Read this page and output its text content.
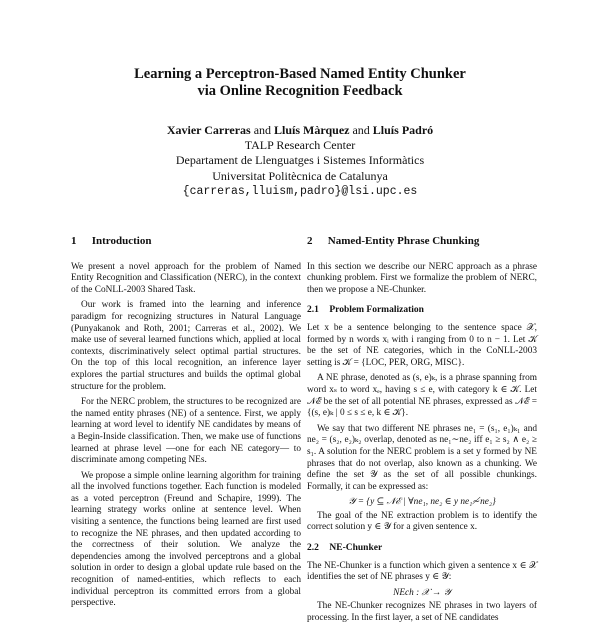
Learning a Perceptron-Based Named Entity Chunker
via Online Recognition Feedback
Xavier Carreras and Lluís Màrquez and Lluís Padró
TALP Research Center
Departament de Llenguatges i Sistemes Informàtics
Universitat Politècnica de Catalunya
{carreras,lluism,padro}@lsi.upc.es
1 Introduction

We present a novel approach for the problem of Named Entity Recognition and Classification (NERC), in the context of the CoNLL-2003 Shared Task.

Our work is framed into the learning and inference paradigm for recognizing structures in Natural Language (Punyakanok and Roth, 2001; Carreras et al., 2002). We make use of several learned functions which, applied at local contexts, discriminatively select optimal partial structures. On the top of this local recognition, an inference layer explores the partial structures and builds the optimal global structure for the problem.

For the NERC problem, the structures to be recognized are the named entity phrases (NE) of a sentence. First, we apply learning at word level to identify NE candidates by means of a Begin-Inside classification. Then, we make use of functions learned at phrase level —one for each NE category— to discriminate among competing NEs.

We propose a simple online learning algorithm for training all the involved functions together. Each function is modeled as a voted perceptron (Freund and Schapire, 1999). The learning strategy works online at sentence level. When visiting a sentence, the functions being learned are first used to recognize the NE phrases, and then updated according to the correctness of their solution. We analyze the dependencies among the involved perceptrons and a global solution in order to design a global update rule based on the recognition of named-entities, which reflects to each individual perceptron its committed errors from a global perspective.

2 Named-Entity Phrase Chunking

In this section we describe our NERC approach as a phrase chunking problem. First we formalize the problem of NERC, then we propose a NE-Chunker.

2.1 Problem Formalization

Let x be a sentence belonging to the sentence space 𝒳, formed by n words xᵢ with i ranging from 0 to n − 1. Let 𝒦 be the set of NE categories, which in the CoNLL-2003 setting is 𝒦 = {LOC, PER, ORG, MISC}.

A NE phrase, denoted as (s, e)ₖ, is a phrase spanning from word xₛ to word xₑ, having s ≤ e, with category k ∈ 𝒦. Let 𝒩ℰ be the set of all potential NE phrases, expressed as 𝒩ℰ = {(s, e)ₖ | 0 ≤ s ≤ e, k ∈ 𝒦}.

We say that two different NE phrases ne₁ = (s₁, e₁)ₖ₁ and ne₂ = (s₂, e₂)ₖ₂ overlap, denoted as ne₁∼ne₂ iff e₁ ≥ s₂ ∧ e₂ ≥ s₁. A solution for the NERC problem is a set y formed by NE phrases that do not overlap, also known as a chunking. We define the set 𝒴 as the set of all possible chunkings. Formally, it can be expressed as:

𝒴 = {y ⊆ 𝒩ℰ | ∀ne₁, ne₂ ∈ y ne₁≁ne₂}

The goal of the NE extraction problem is to identify the correct solution y ∈ 𝒴 for a given sentence x.

2.2 NE-Chunker

The NE-Chunker is a function which given a sentence x ∈ 𝒳 identifies the set of NE phrases y ∈ 𝒴:

NEch : 𝒳 → 𝒴

The NE-Chunker recognizes NE phrases in two layers of processing. In the first layer, a set of NE candidates
